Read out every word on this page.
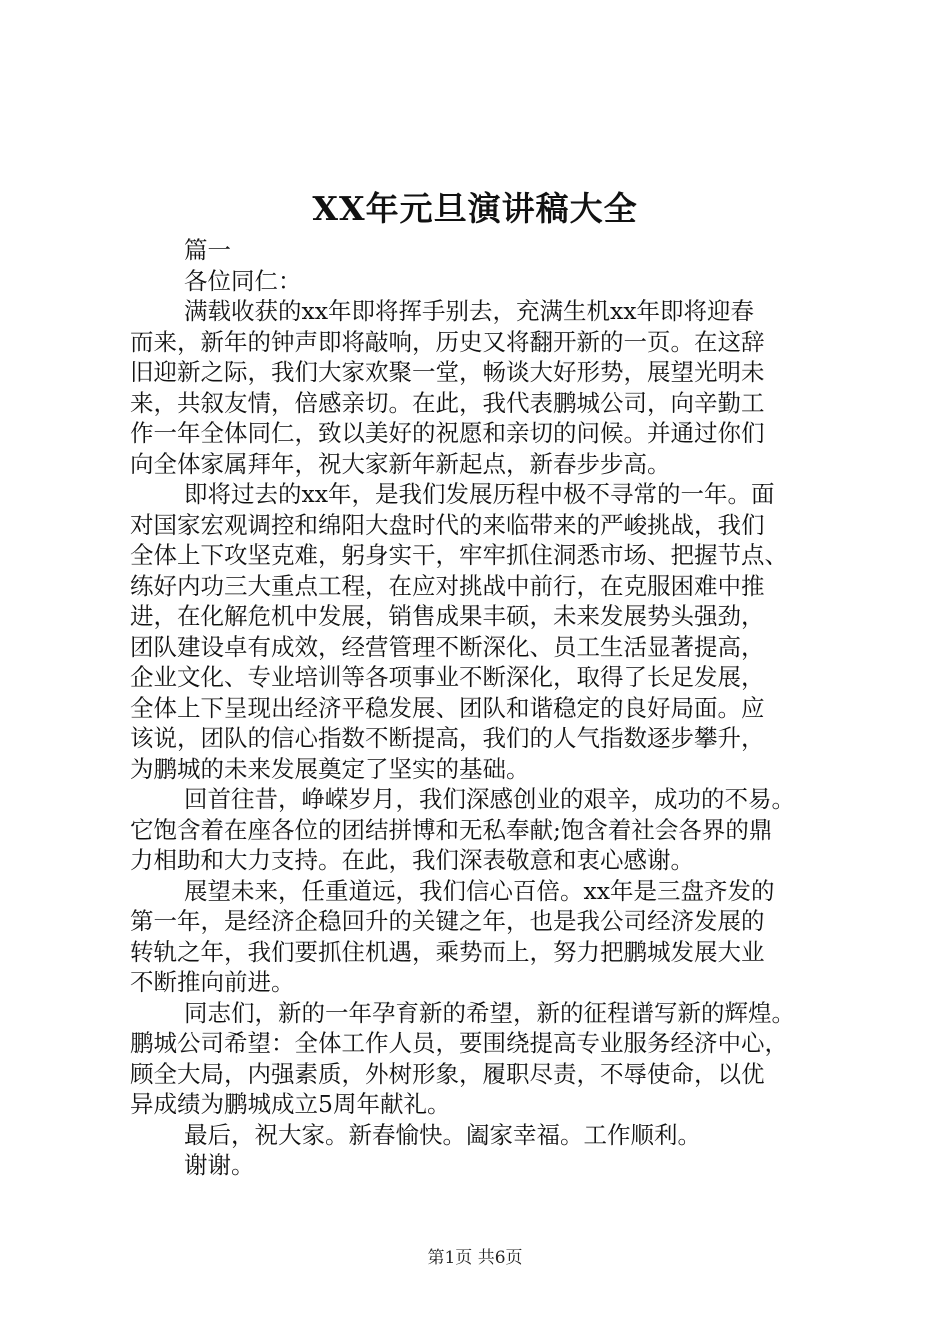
XX年元旦演讲稿大全
篇一
各位同仁：
满载收获的xx年即将挥手别去，充满生机xx年即将迎春
而来，新年的钟声即将敲响，历史又将翻开新的一页。在这辞
旧迎新之际，我们大家欢聚一堂，畅谈大好形势，展望光明未
来，共叙友情，倍感亲切。在此，我代表鹏城公司，向辛勤工
作一年全体同仁，致以美好的祝愿和亲切的问候。并通过你们
向全体家属拜年，祝大家新年新起点，新春步步高。
即将过去的xx年，是我们发展历程中极不寻常的一年。面
对国家宏观调控和绵阳大盘时代的来临带来的严峻挑战，我们
全体上下攻坚克难，躬身实干，牢牢抓住洞悉市场、把握节点、
练好内功三大重点工程，在应对挑战中前行，在克服困难中推
进，在化解危机中发展，销售成果丰硕，未来发展势头强劲，
团队建设卓有成效，经营管理不断深化、员工生活显著提高，
企业文化、专业培训等各项事业不断深化，取得了长足发展，
全体上下呈现出经济平稳发展、团队和谐稳定的良好局面。应
该说，团队的信心指数不断提高，我们的人气指数逐步攀升，
为鹏城的未来发展奠定了坚实的基础。
回首往昔，峥嵘岁月，我们深感创业的艰辛，成功的不易。
它饱含着在座各位的团结拼博和无私奉献;饱含着社会各界的鼎
力相助和大力支持。在此，我们深表敬意和衷心感谢。
展望未来，任重道远，我们信心百倍。xx年是三盘齐发的
第一年，是经济企稳回升的关键之年，也是我公司经济发展的
转轨之年，我们要抓住机遇，乘势而上，努力把鹏城发展大业
不断推向前进。
同志们，新的一年孕育新的希望，新的征程谱写新的辉煌。
鹏城公司希望：全体工作人员，要围绕提高专业服务经济中心，
顾全大局，内强素质，外树形象，履职尽责，不辱使命，以优
异成绩为鹏城成立5周年献礼。
最后，祝大家。新春愉快。阖家幸福。工作顺利。
谢谢。
第1页 共6页
